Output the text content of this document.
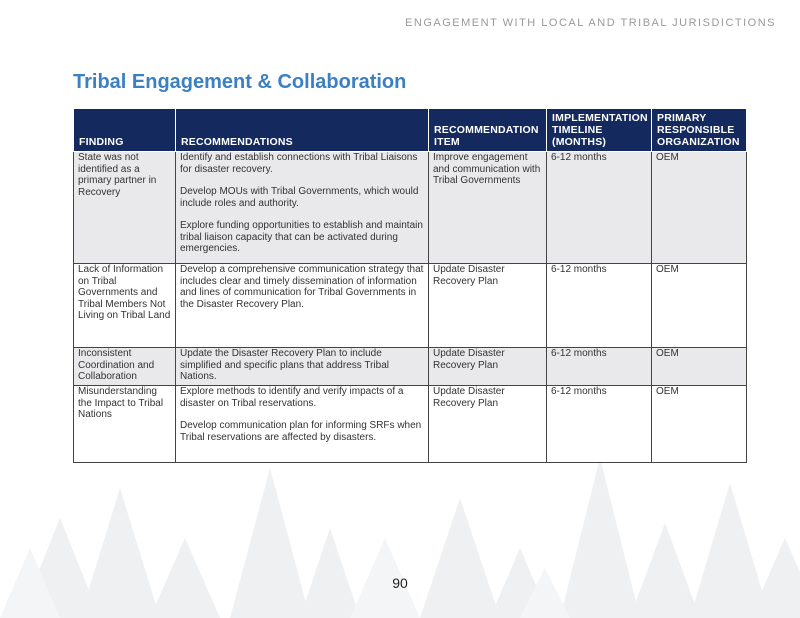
ENGAGEMENT WITH LOCAL AND TRIBAL JURISDICTIONS
Tribal Engagement & Collaboration
FINDING	RECOMMENDATIONS	RECOMMENDATION ITEM	IMPLEMENTATION TIMELINE (MONTHS)	PRIMARY RESPONSIBLE ORGANIZATION
State was not identified as a primary partner in Recovery	Identify and establish connections with Tribal Liaisons for disaster recovery.
Develop MOUs with Tribal Governments, which would include roles and authority.
Explore funding opportunities to establish and maintain tribal liaison capacity that can be activated during emergencies.	Improve engagement and communication with Tribal Governments	6-12 months	OEM
Lack of Information on Tribal Governments and Tribal Members Not Living on Tribal Land	Develop a comprehensive communication strategy that includes clear and timely dissemination of information and lines of communication for Tribal Governments in the Disaster Recovery Plan.	Update Disaster Recovery Plan	6-12 months	OEM
Inconsistent Coordination and Collaboration	Update the Disaster Recovery Plan to include simplified and specific plans that address Tribal Nations.	Update Disaster Recovery Plan	6-12 months	OEM
Misunderstanding the Impact to Tribal Nations	Explore methods to identify and verify impacts of a disaster on Tribal reservations.
Develop communication plan for informing SRFs when Tribal reservations are affected by disasters.	Update Disaster Recovery Plan	6-12 months	OEM
90
